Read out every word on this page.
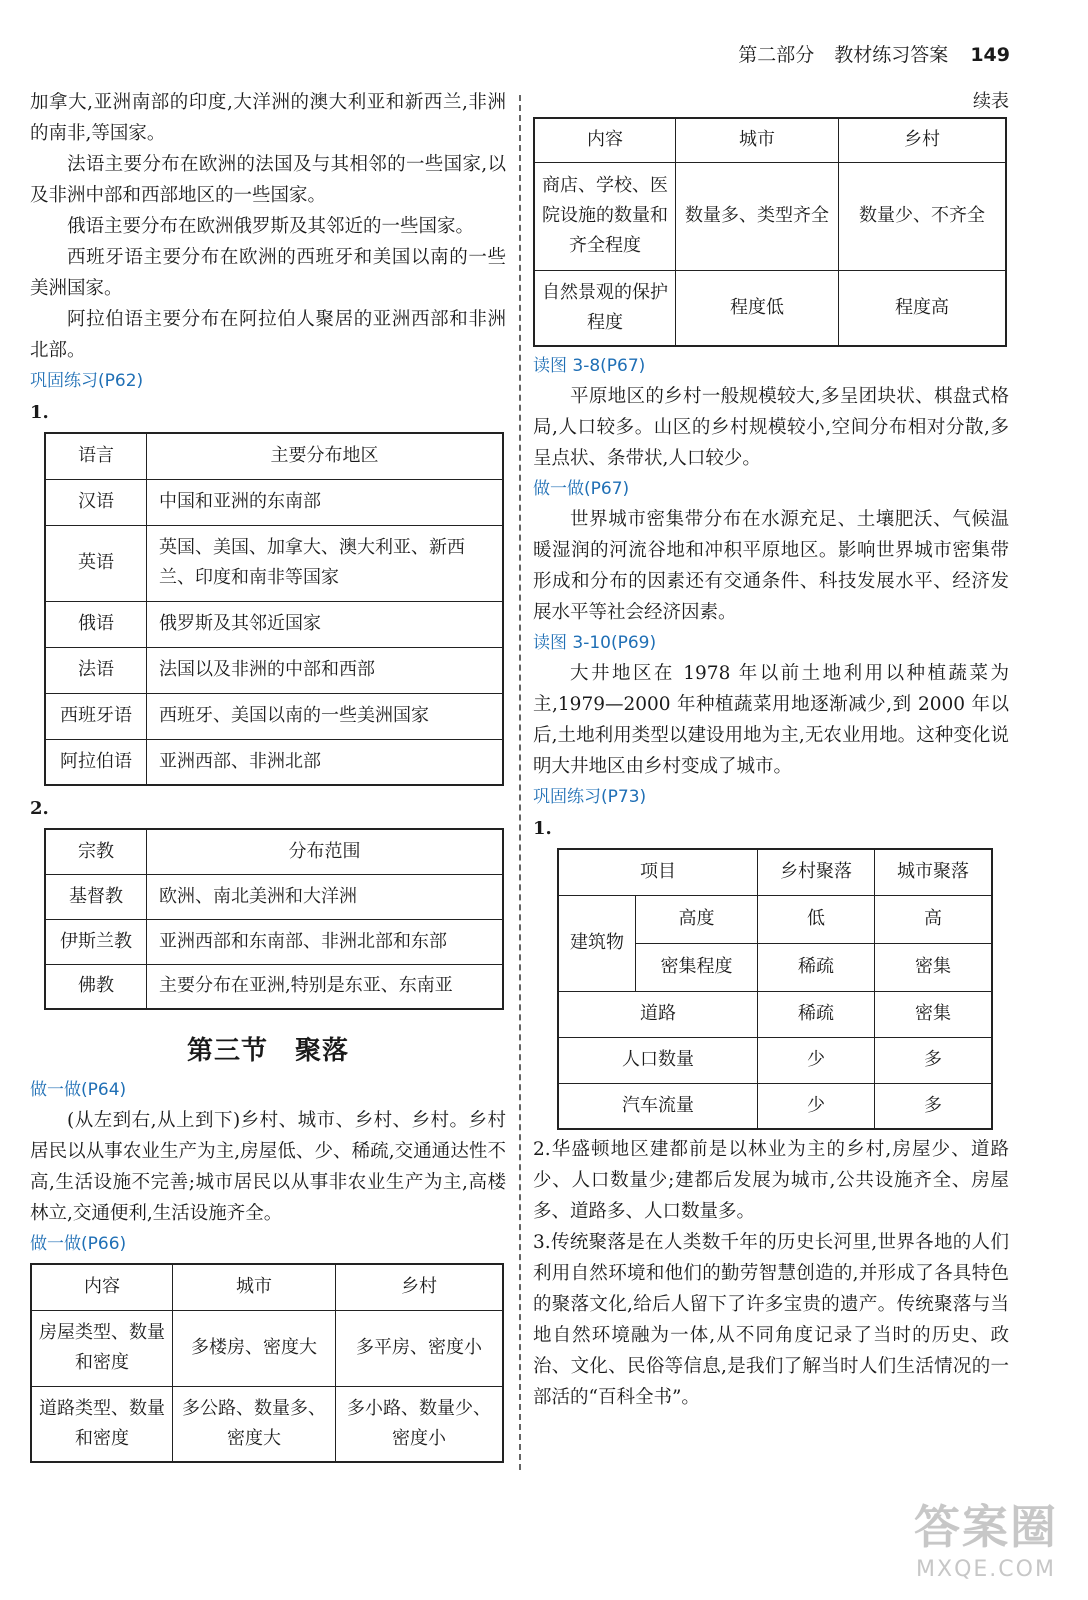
第二部分 教材练习答案 149

加拿大,亚洲南部的印度,大洋洲的澳大利亚和新西兰,非洲的南非,等国家。

法语主要分布在欧洲的法国及与其相邻的一些国家,以及非洲中部和西部地区的一些国家。

俄语主要分布在欧洲俄罗斯及其邻近的一些国家。

西班牙语主要分布在欧洲的西班牙和美国以南的一些美洲国家。

阿拉伯语主要分布在阿拉伯人聚居的亚洲西部和非洲北部。

巩固练习(P62)
1.
语言	主要分布地区
汉语	中国和亚洲的东南部
英语	英国、美国、加拿大、澳大利亚、新西兰、印度和南非等国家
俄语	俄罗斯及其邻近国家
法语	法国以及非洲的中部和西部
西班牙语	西班牙、美国以南的一些美洲国家
阿拉伯语	亚洲西部、非洲北部
2.
宗教	分布范围
基督教	欧洲、南北美洲和大洋洲
伊斯兰教	亚洲西部和东南部、非洲北部和东部
佛教	主要分布在亚洲,特别是东亚、东南亚
第三节　聚落
做一做(P64)

(从左到右,从上到下)乡村、城市、乡村、乡村。乡村居民以从事农业生产为主,房屋低、少、稀疏,交通通达性不高,生活设施不完善;城市居民以从事非农业生产为主,高楼林立,交通便利,生活设施齐全。

做一做(P66)
内容	城市	乡村
房屋类型、数量和密度	多楼房、密度大	多平房、密度小
道路类型、数量和密度	多公路、数量多、密度大	多小路、数量少、密度小
续表
内容	城市	乡村
商店、学校、医院设施的数量和齐全程度	数量多、类型齐全	数量少、不齐全
自然景观的保护程度	程度低	程度高
读图 3-8(P67)

平原地区的乡村一般规模较大,多呈团块状、棋盘式格局,人口较多。山区的乡村规模较小,空间分布相对分散,多呈点状、条带状,人口较少。

做一做(P67)

世界城市密集带分布在水源充足、土壤肥沃、气候温暖湿润的河流谷地和冲积平原地区。影响世界城市密集带形成和分布的因素还有交通条件、科技发展水平、经济发展水平等社会经济因素。

读图 3-10(P69)

大井地区在 1978 年以前土地利用以种植蔬菜为主,1979—2000 年种植蔬菜用地逐渐减少,到 2000 年以后,土地利用类型以建设用地为主,无农业用地。这种变化说明大井地区由乡村变成了城市。

巩固练习(P73)
1.
项目		乡村聚落	城市聚落
建筑物	高度	低	高
	密集程度	稀疏	密集
道路		稀疏	密集
人口数量		少	多
汽车流量		少	多

2.华盛顿地区建都前是以林业为主的乡村,房屋少、道路少、人口数量少;建都后发展为城市,公共设施齐全、房屋多、道路多、人口数量多。

3.传统聚落是在人类数千年的历史长河里,世界各地的人们利用自然环境和他们的勤劳智慧创造的,并形成了各具特色的聚落文化,给后人留下了许多宝贵的遗产。传统聚落与当地自然环境融为一体,从不同角度记录了当时的历史、政治、文化、民俗等信息,是我们了解当时人们生活情况的一部活的“百科全书”。

答案圈
MXQE.COM
